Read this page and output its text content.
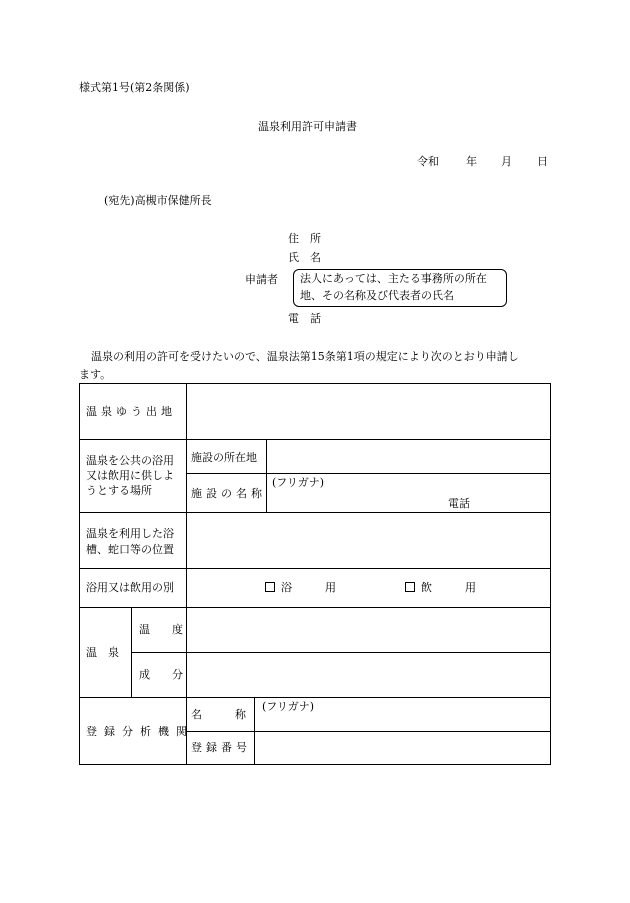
様式第1号(第2条関係)
温泉利用許可申請書
令和 年 月 日
(宛先)高槻市保健所長
住　所
氏　名
申請者 法人にあっては、主たる事務所の所在
地、その名称及び代表者の氏名
電　話
温泉の利用の許可を受けたいので、温泉法第15条第1項の規定により次のとおり申請し
ます。
温泉ゆう出地
温泉を公共の浴用
又は飲用に供しよ
うとする場所
施設の所在地
施設の名称
(フリガナ)
電話
温泉を利用した浴
槽、蛇口等の位置
浴用又は飲用の別	浴　　　用	飲　　　用
温　泉
温　　度
成　　分
登録分析機関
名　　　称
(フリガナ)
登録番号
